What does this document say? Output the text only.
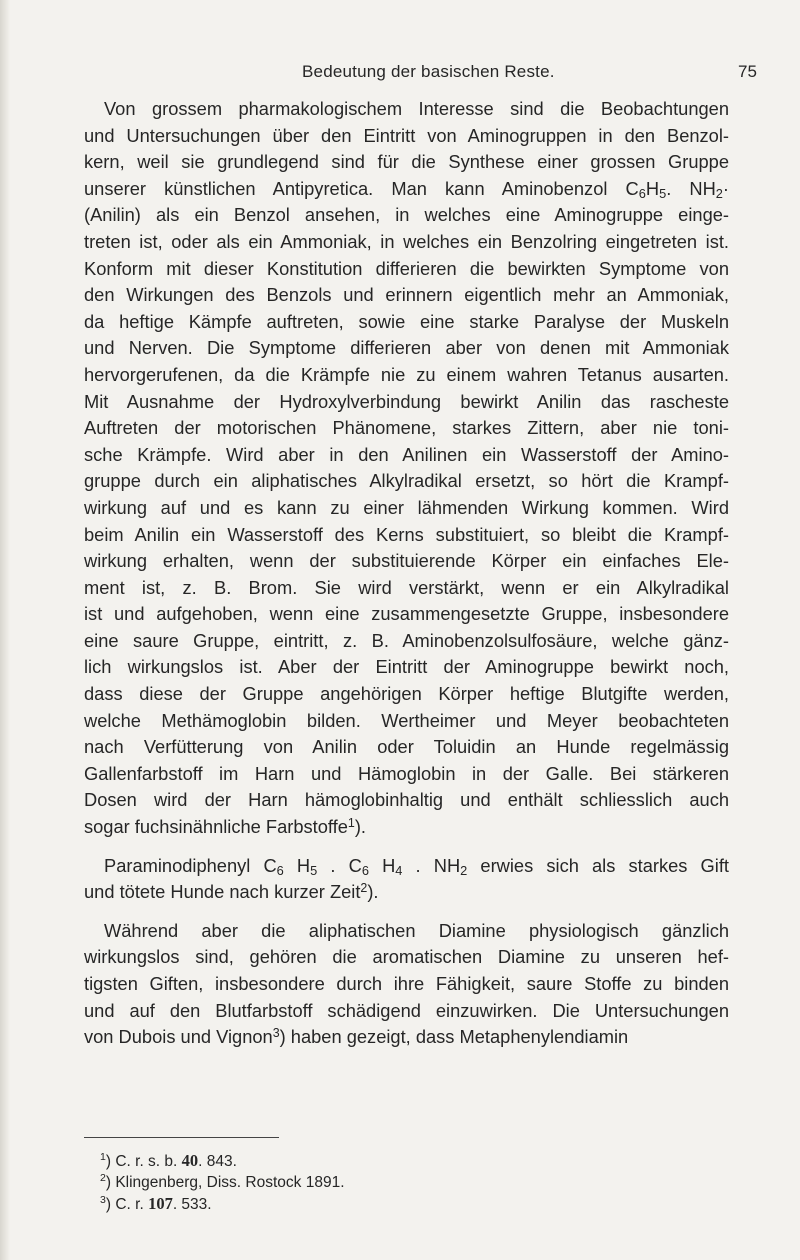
Bedeutung der basischen Reste.	75
Von grossem pharmakologischem Interesse sind die Beobachtungen
und Untersuchungen über den Eintritt von Aminogruppen in den Benzol-
kern, weil sie grundlegend sind für die Synthese einer grossen Gruppe
unserer künstlichen Antipyretica. Man kann Aminobenzol $C_6H_5$. $NH_2\cdot$
(Anilin) als ein Benzol ansehen, in welches eine Aminogruppe einge-
treten ist, oder als ein Ammoniak, in welches ein Benzolring eingetreten ist.
Konform mit dieser Konstitution differieren die bewirkten Symptome von
den Wirkungen des Benzols und erinnern eigentlich mehr an Ammoniak,
da heftige Kämpfe auftreten, sowie eine starke Paralyse der Muskeln
und Nerven. Die Symptome differieren aber von denen mit Ammoniak
hervorgerufenen, da die Krämpfe nie zu einem wahren Tetanus ausarten.
Mit Ausnahme der Hydroxylverbindung bewirkt Anilin das rascheste
Auftreten der motorischen Phänomene, starkes Zittern, aber nie toni-
sche Krämpfe. Wird aber in den Anilinen ein Wasserstoff der Amino-
gruppe durch ein aliphatisches Alkylradikal ersetzt, so hört die Krampf-
wirkung auf und es kann zu einer lähmenden Wirkung kommen. Wird
beim Anilin ein Wasserstoff des Kerns substituiert, so bleibt die Krampf-
wirkung erhalten, wenn der substituierende Körper ein einfaches Ele-
ment ist, z. B. Brom. Sie wird verstärkt, wenn er ein Alkylradikal
ist und aufgehoben, wenn eine zusammengesetzte Gruppe, insbesondere
eine saure Gruppe, eintritt, z. B. Aminobenzolsulfosäure, welche gänz-
lich wirkungslos ist. Aber der Eintritt der Aminogruppe bewirkt noch,
dass diese der Gruppe angehörigen Körper heftige Blutgifte werden,
welche Methämoglobin bilden. Wertheimer und Meyer beobachteten
nach Verfütterung von Anilin oder Toluidin an Hunde regelmässig
Gallenfarbstoff im Harn und Hämoglobin in der Galle. Bei stärkeren
Dosen wird der Harn hämoglobinhaltig und enthält schliesslich auch
sogar fuchsinähnliche Farbstoffe$^1$).
Paraminodiphenyl $C_6$ $H_5$ . $C_6$ $H_4$ . $NH_2$ erwies sich als starkes Gift
und tötete Hunde nach kurzer Zeit$^2$).
Während aber die aliphatischen Diamine physiologisch gänzlich
wirkungslos sind, gehören die aromatischen Diamine zu unseren hef-
tigsten Giften, insbesondere durch ihre Fähigkeit, saure Stoffe zu binden
und auf den Blutfarbstoff schädigend einzuwirken. Die Untersuchungen
von Dubois und Vignon$^3$) haben gezeigt, dass Metaphenylendiamin
$^1$) C. r. s. b. 40. 843.
$^2$) Klingenberg, Diss. Rostock 1891.
$^3$) C. r. 107. 533.
